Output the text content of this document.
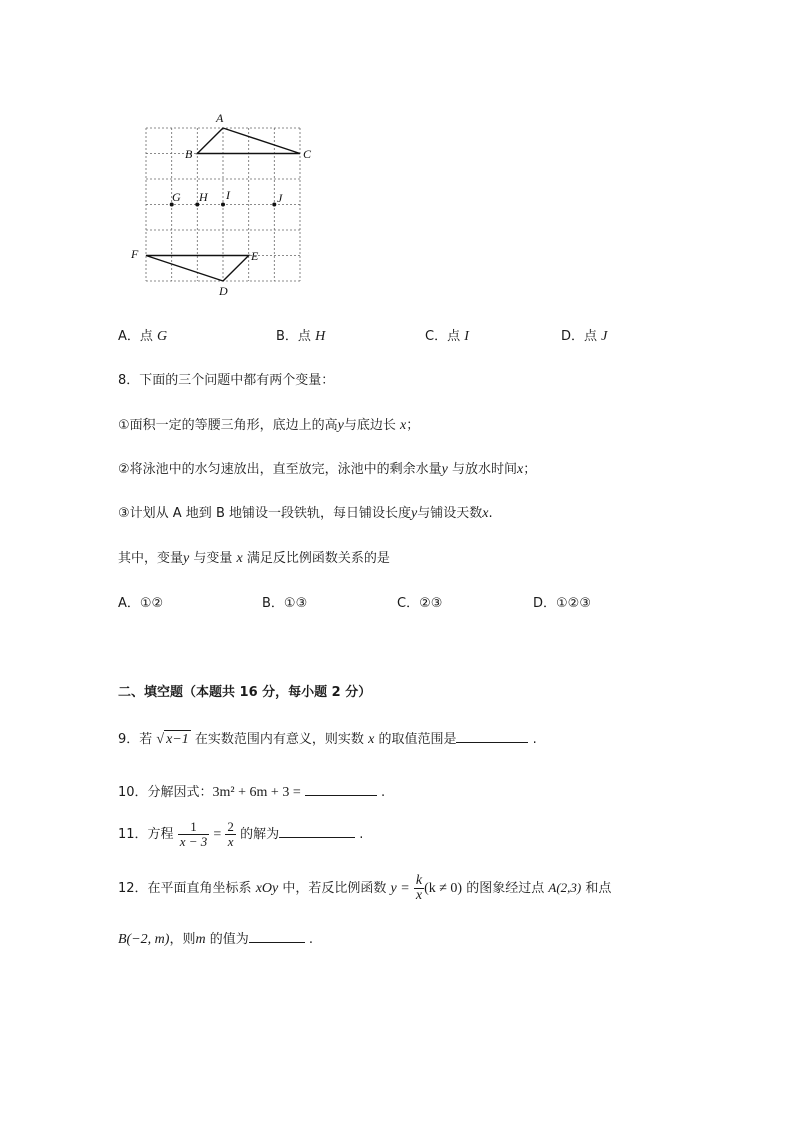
A
B	C
G H I	J
F	E
D
A．点 G	B．点 H	C．点 I	D．点 J
8．下面的三个问题中都有两个变量：
①面积一定的等腰三角形，底边上的高y与底边长 x；
②将泳池中的水匀速放出，直至放完，泳池中的剩余水量y 与放水时间x；
③计划从 A 地到 B 地铺设一段铁轨，每日铺设长度y与铺设天数x.
其中，变量y 与变量 x 满足反比例函数关系的是
A．①②	B．①③	C．②③	D．①②③
二、填空题（本题共 16 分，每小题 2 分）
9．若 √ x−1 在实数范围内有意义，则实数 x 的取值范围是	.
10．分解因式：3m² + 6m + 3 =	.
11．方程 $\frac{1}{x - 3} = \frac{2}{x}$ 的解为	.
12．在平面直角坐标系 xOy 中，若反比例函数 $y = \frac{k}{x} (k \ne 0)$ 的图象经过点 A(2,3) 和点
B(−2, m)，则m 的值为	.
